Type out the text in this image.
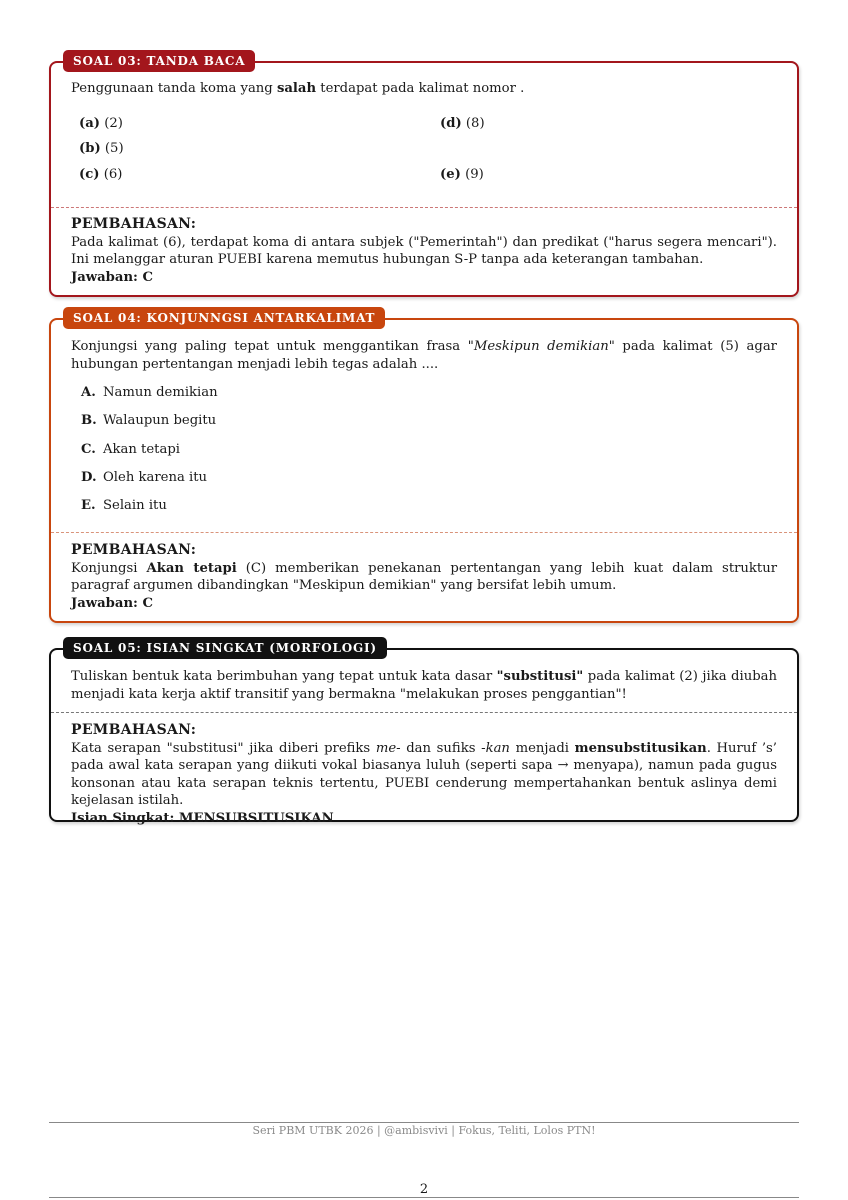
SOAL 03: TANDA BACA
Penggunaan tanda koma yang salah terdapat pada kalimat nomor .
(a) (2)
(b) (5)
(c) (6)
(d) (8)
(e) (9)
PEMBAHASAN:
Pada kalimat (6), terdapat koma di antara subjek ("Pemerintah") dan predikat ("harus segera mencari"). Ini melanggar aturan PUEBI karena memutus hubungan S-P tanpa ada keterangan tambahan.
Jawaban: C
SOAL 04: KONJUNNGSI ANTARKALIMAT
Konjungsi yang paling tepat untuk menggantikan frasa "Meskipun demikian" pada kalimat (5) agar hubungan pertentangan menjadi lebih tegas adalah ....
A. Namun demikian
B. Walaupun begitu
C. Akan tetapi
D. Oleh karena itu
E. Selain itu
PEMBAHASAN:
Konjungsi Akan tetapi (C) memberikan penekanan pertentangan yang lebih kuat dalam struktur paragraf argumen dibandingkan "Meskipun demikian" yang bersifat lebih umum.
Jawaban: C
SOAL 05: ISIAN SINGKAT (MORFOLOGI)
Tuliskan bentuk kata berimbuhan yang tepat untuk kata dasar "substitusi" pada kalimat (2) jika diubah menjadi kata kerja aktif transitif yang bermakna "melakukan proses penggantian"!
PEMBAHASAN:
Kata serapan "substitusi" jika diberi prefiks me- dan sufiks -kan menjadi mensubstitusikan. Huruf ’s’ pada awal kata serapan yang diikuti vokal biasanya luluh (seperti sapa → menyapa), namun pada gugus konsonan atau kata serapan teknis tertentu, PUEBI cenderung mempertahankan bentuk aslinya demi kejelasan istilah.
Isian Singkat: MENSUBSITUSIKAN
Seri PBM UTBK 2026 | @ambisvivi | Fokus, Teliti, Lolos PTN!
2
